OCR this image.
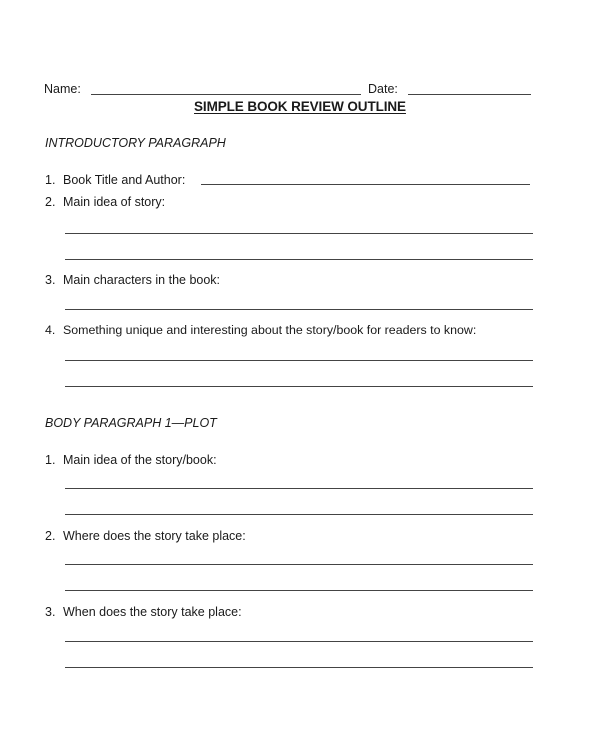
Name:	Date:
SIMPLE BOOK REVIEW OUTLINE
INTRODUCTORY PARAGRAPH
1. Book Title and Author:
2. Main idea of story:
3. Main characters in the book:
4. Something unique and interesting about the story/book for readers to know:
BODY PARAGRAPH 1—PLOT
1. Main idea of the story/book:
2. Where does the story take place:
3. When does the story take place:
